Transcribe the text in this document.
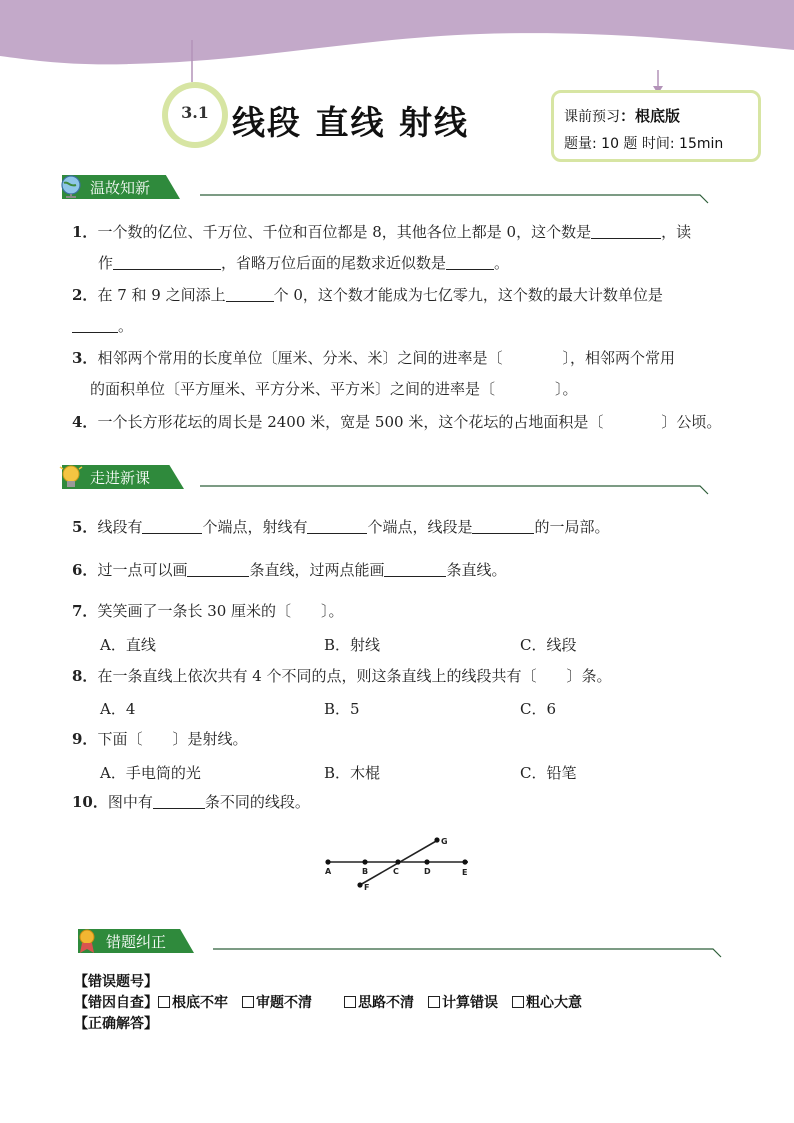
3.1 线段 直线 射线	课前预习：根底版
题量: 10 题 时间: 15min
温故知新
1．一个数的亿位、千万位、千位和百位都是 8，其他各位上都是 0，这个数是	，读
作	，省略万位后面的尾数求近似数是	。
2．在 7 和 9 之间添上	个 0，这个数才能成为七亿零九，这个数的最大计数单位是
。
3．相邻两个常用的长度单位〔厘米、分米、米〕之间的进率是〔	〕，相邻两个常用
的面积单位〔平方厘米、平方分米、平方米〕之间的进率是〔	〕。
4．一个长方形花坛的周长是 2400 米，宽是 500 米，这个花坛的占地面积是〔	〕公顷。
走进新课
5．线段有	个端点，射线有	个端点，线段是	的一局部。
6．过一点可以画	条直线，过两点能画	条直线。
7．笑笑画了一条长 30 厘米的〔　　〕。
A．直线	B．射线	C．线段
8．在一条直线上依次共有 4 个不同的点，则这条直线上的线段共有〔　　〕条。
A．4	B．5	C．6
9．下面〔　　〕是射线。
A．手电筒的光	B．木棍	C．铅笔
10．图中有	条不同的线段。
A	B	C	D	E
F
G
错题纠正
【错误题号】
【错因自查】 根底不牢 审题不清	思路不清 计算错误 粗心大意
【正确解答】
